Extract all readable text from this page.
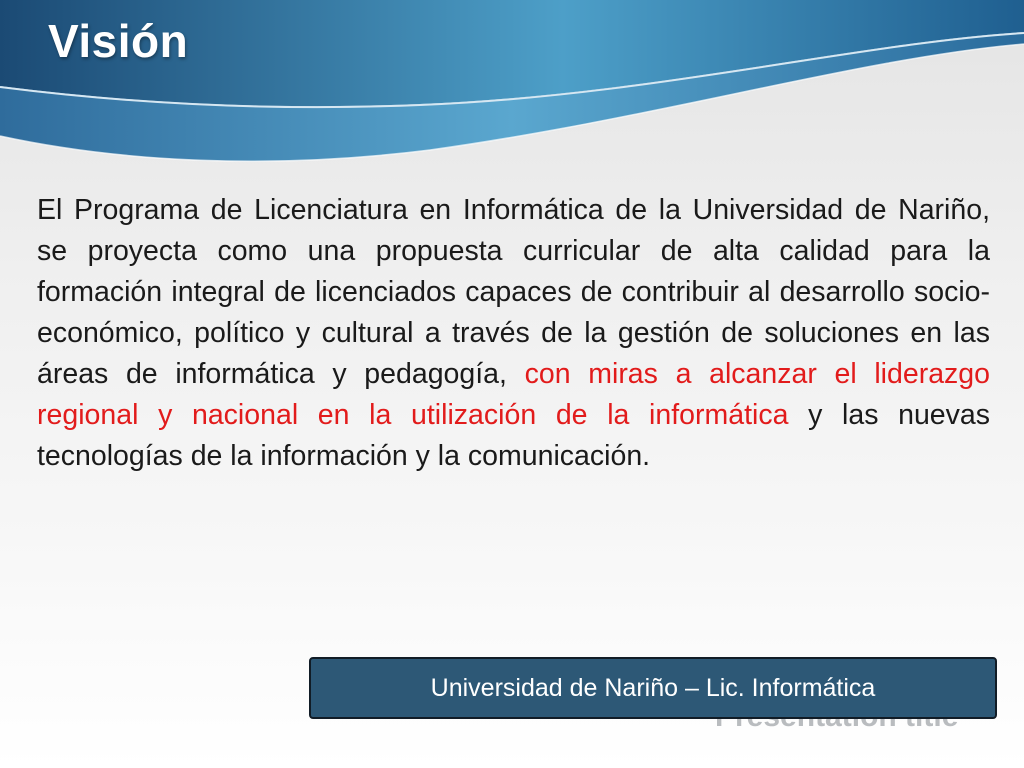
Visión

El Programa de Licenciatura en Informática de la Universidad de Nariño, se proyecta como una propuesta curricular de alta calidad para la formación integral de licenciados capaces de contribuir al desarrollo socio-económico, político y cultural a través de la gestión de soluciones en las áreas de informática y pedagogía, con miras a alcanzar el liderazgo regional y nacional en la utilización de la informática y las nuevas tecnologías de la información y la comunicación.

Universidad de Nariño – Lic. Informática
